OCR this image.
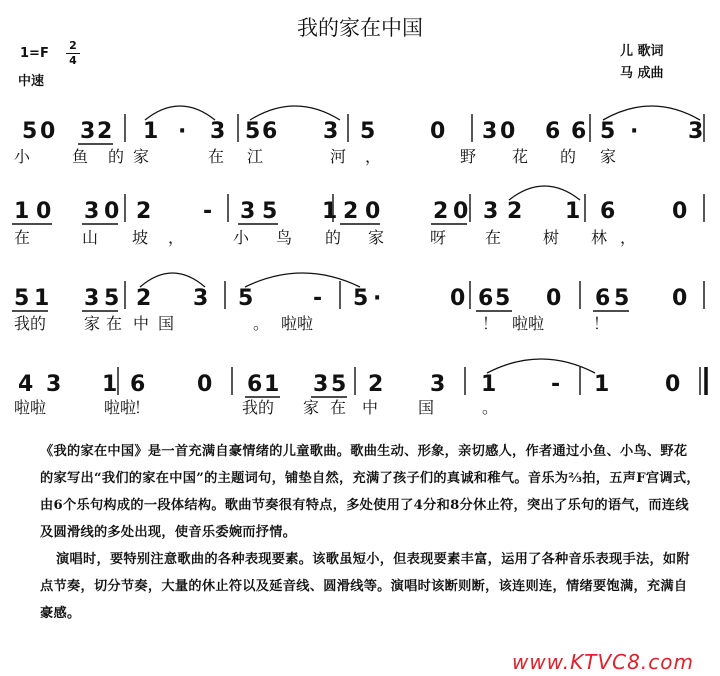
我的家在中国
1=F
2
4
中速
儿 歌词
马 成曲
5 0 3 2 1 · 3 5 6 3 5 0 3 0 6 6 5 · 3
小	鱼 的 家	在 江	河 ，	野 花 的 家
1 0 3 0 2 - 3 5 1 2 0 2 0 3 2 1 6	0
在	山 坡 ，	小 鸟 的 家	呀 在	树 林 ，
5 1 3 5 2 3 5	- 5 ·	0 6 5 0 6 5 0
我的 家 在 中 国	。 啦啦	！ 啦啦	！
4 3 1 6 0 6 1 3 5 2 3 1 - 1	0
啦啦	啦啦
！	我的 家 在 中 国	。

《我的家在中国》是一首充满自豪情绪的儿童歌曲。歌曲生动、形象，亲切感人，作者通过小鱼、小鸟、野花的家写出“我们的家在中国”的主题词句，铺垫自然，充满了孩子们的真诚和稚气。音乐为⅔拍，五声F宫调式，由6个乐句构成的一段体结构。歌曲节奏很有特点，多处使用了4分和8分休止符，突出了乐句的语气，而连线及圆滑线的多处出现，使音乐委婉而抒情。

演唱时，要特别注意歌曲的各种表现要素。该歌虽短小，但表现要素丰富，运用了各种音乐表现手法，如附点节奏，切分节奏，大量的休止符以及延音线、圆滑线等。演唱时该断则断，该连则连，情绪要饱满，充满自豪感。

www.KTVC8.com
